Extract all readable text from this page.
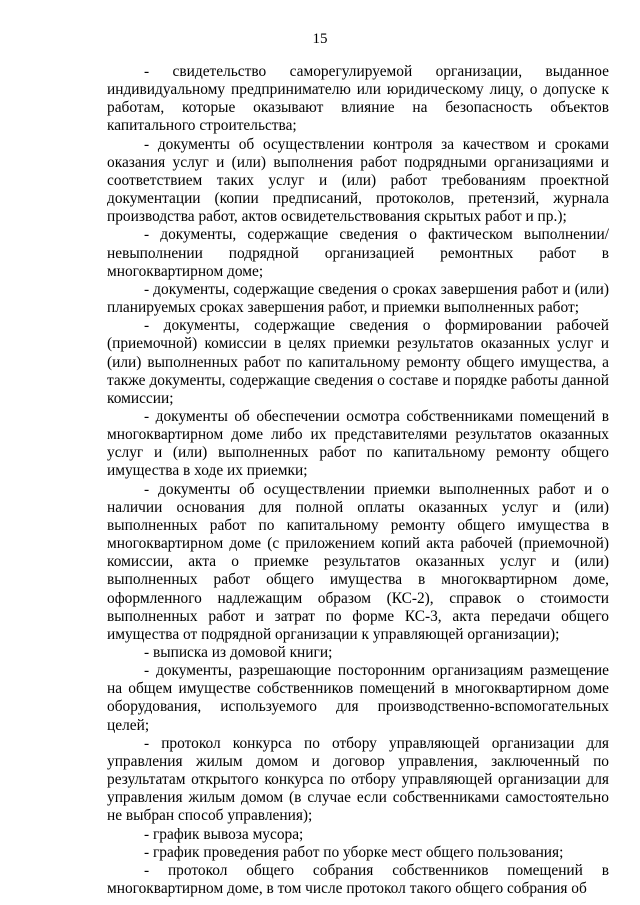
15

- свидетельство саморегулируемой организации, выданное индивидуальному предпринимателю или юридическому лицу, о допуске к работам, которые оказывают влияние на безопасность объектов капитального строительства;

- документы об осуществлении контроля за качеством и сроками оказания услуг и (или) выполнения работ подрядными организациями и соответствием таких услуг и (или) работ требованиям проектной документации (копии предписаний, протоколов, претензий, журнала производства работ, актов освидетельствования скрытых работ и пр.);

- документы, содержащие сведения о фактическом выполнении/невыполнении подрядной организацией ремонтных работ в многоквартирном доме;

- документы, содержащие сведения о сроках завершения работ и (или) планируемых сроках завершения работ, и приемки выполненных работ;

- документы, содержащие сведения о формировании рабочей (приемочной) комиссии в целях приемки результатов оказанных услуг и (или) выполненных работ по капитальному ремонту общего имущества, а также документы, содержащие сведения о составе и порядке работы данной комиссии;

- документы об обеспечении осмотра собственниками помещений в многоквартирном доме либо их представителями результатов оказанных услуг и (или) выполненных работ по капитальному ремонту общего имущества в ходе их приемки;

- документы об осуществлении приемки выполненных работ и о наличии основания для полной оплаты оказанных услуг и (или) выполненных работ по капитальному ремонту общего имущества в многоквартирном доме (с приложением копий акта рабочей (приемочной) комиссии, акта о приемке результатов оказанных услуг и (или) выполненных работ общего имущества в многоквартирном доме, оформленного надлежащим образом (КС-2), справок о стоимости выполненных работ и затрат по форме КС-3, акта передачи общего имущества от подрядной организации к управляющей организации);

- выписка из домовой книги;

- документы, разрешающие посторонним организациям размещение на общем имуществе собственников помещений в многоквартирном доме оборудования, используемого для производственно-вспомогательных целей;

- протокол конкурса по отбору управляющей организации для управления жилым домом и договор управления, заключенный по результатам открытого конкурса по отбору управляющей организации для управления жилым домом (в случае если собственниками самостоятельно не выбран способ управления);

- график вывоза мусора;

- график проведения работ по уборке мест общего пользования;

- протокол общего собрания собственников помещений в многоквартирном доме, в том числе протокол такого общего собрания об
